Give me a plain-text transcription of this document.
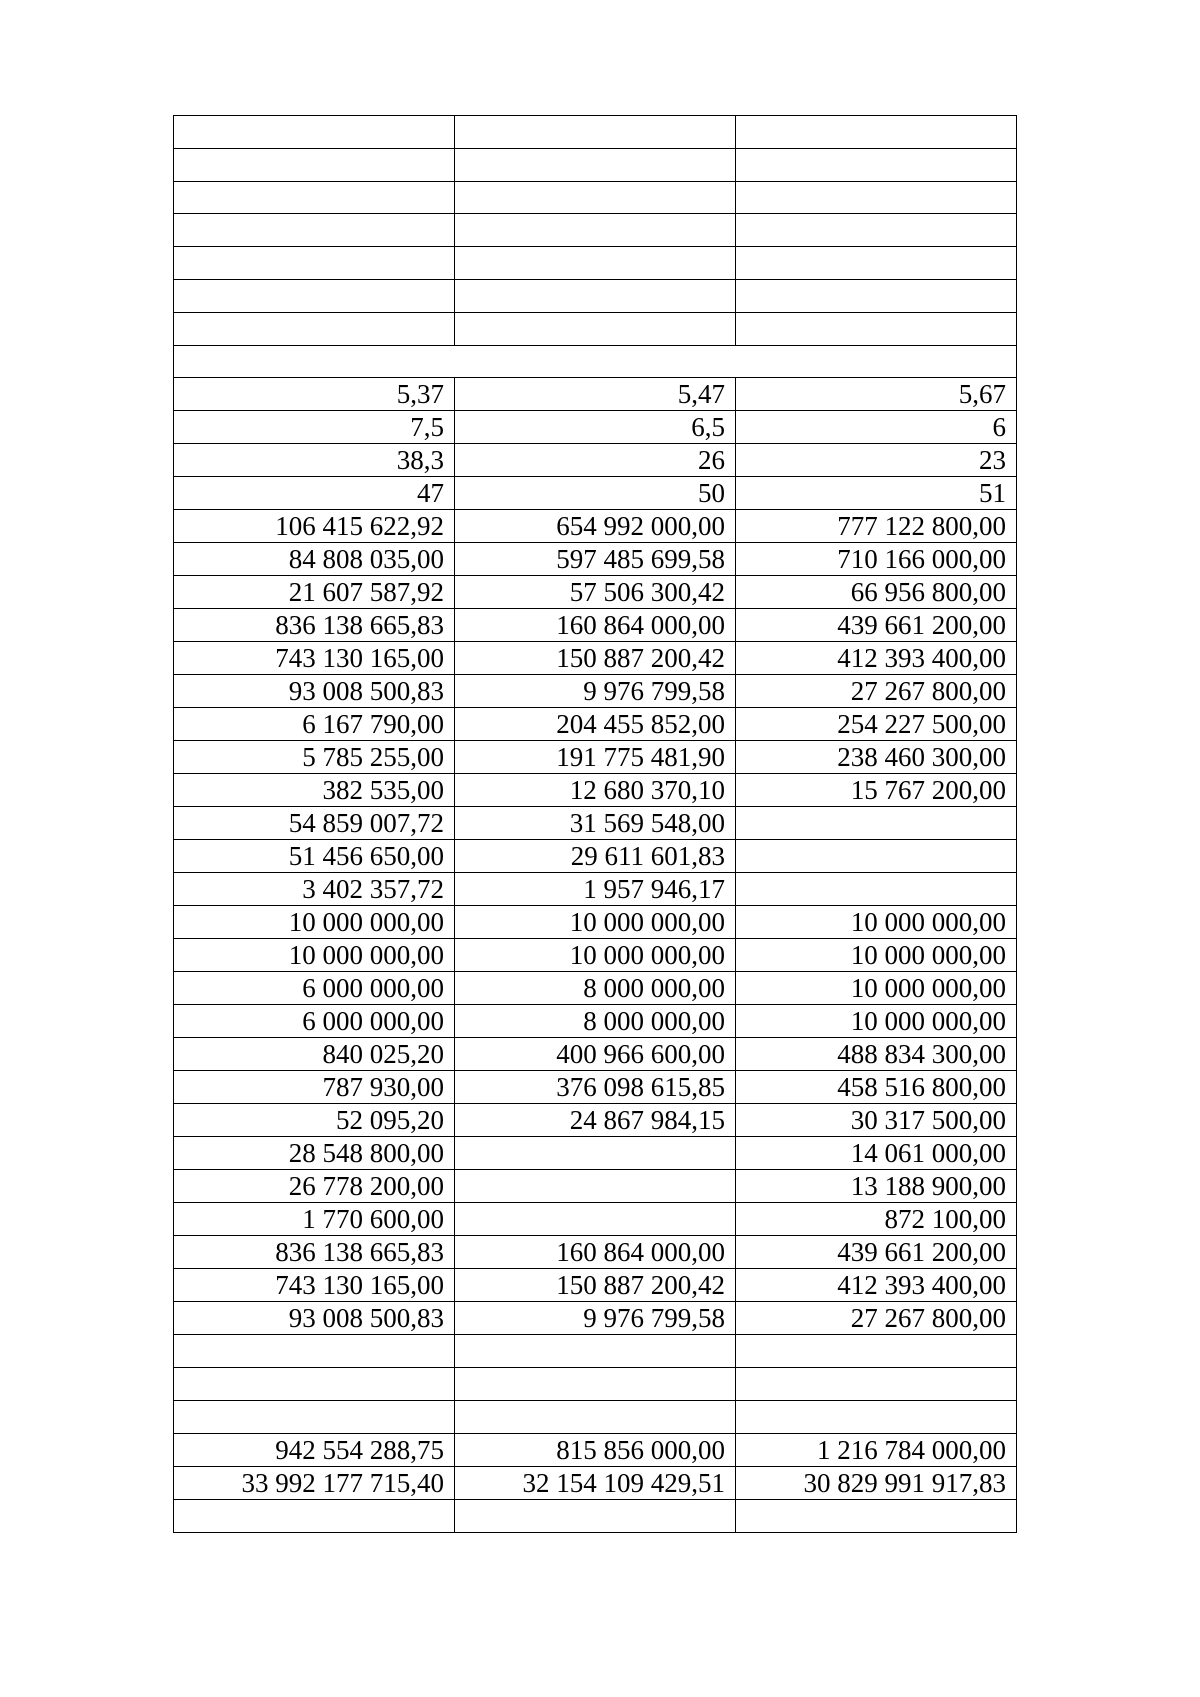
5,37	5,47	5,67
7,5	6,5	6
38,3	26	23
47	50	51
106 415 622,92	654 992 000,00	777 122 800,00
84 808 035,00	597 485 699,58	710 166 000,00
21 607 587,92	57 506 300,42	66 956 800,00
836 138 665,83	160 864 000,00	439 661 200,00
743 130 165,00	150 887 200,42	412 393 400,00
93 008 500,83	9 976 799,58	27 267 800,00
6 167 790,00	204 455 852,00	254 227 500,00
5 785 255,00	191 775 481,90	238 460 300,00
382 535,00	12 680 370,10	15 767 200,00
54 859 007,72	31 569 548,00	
51 456 650,00	29 611 601,83	
3 402 357,72	1 957 946,17	
10 000 000,00	10 000 000,00	10 000 000,00
10 000 000,00	10 000 000,00	10 000 000,00
6 000 000,00	8 000 000,00	10 000 000,00
6 000 000,00	8 000 000,00	10 000 000,00
840 025,20	400 966 600,00	488 834 300,00
787 930,00	376 098 615,85	458 516 800,00
52 095,20	24 867 984,15	30 317 500,00
28 548 800,00		14 061 000,00
26 778 200,00		13 188 900,00
1 770 600,00		872 100,00
836 138 665,83	160 864 000,00	439 661 200,00
743 130 165,00	150 887 200,42	412 393 400,00
93 008 500,83	9 976 799,58	27 267 800,00

942 554 288,75	815 856 000,00	1 216 784 000,00
33 992 177 715,40	32 154 109 429,51	30 829 991 917,83
